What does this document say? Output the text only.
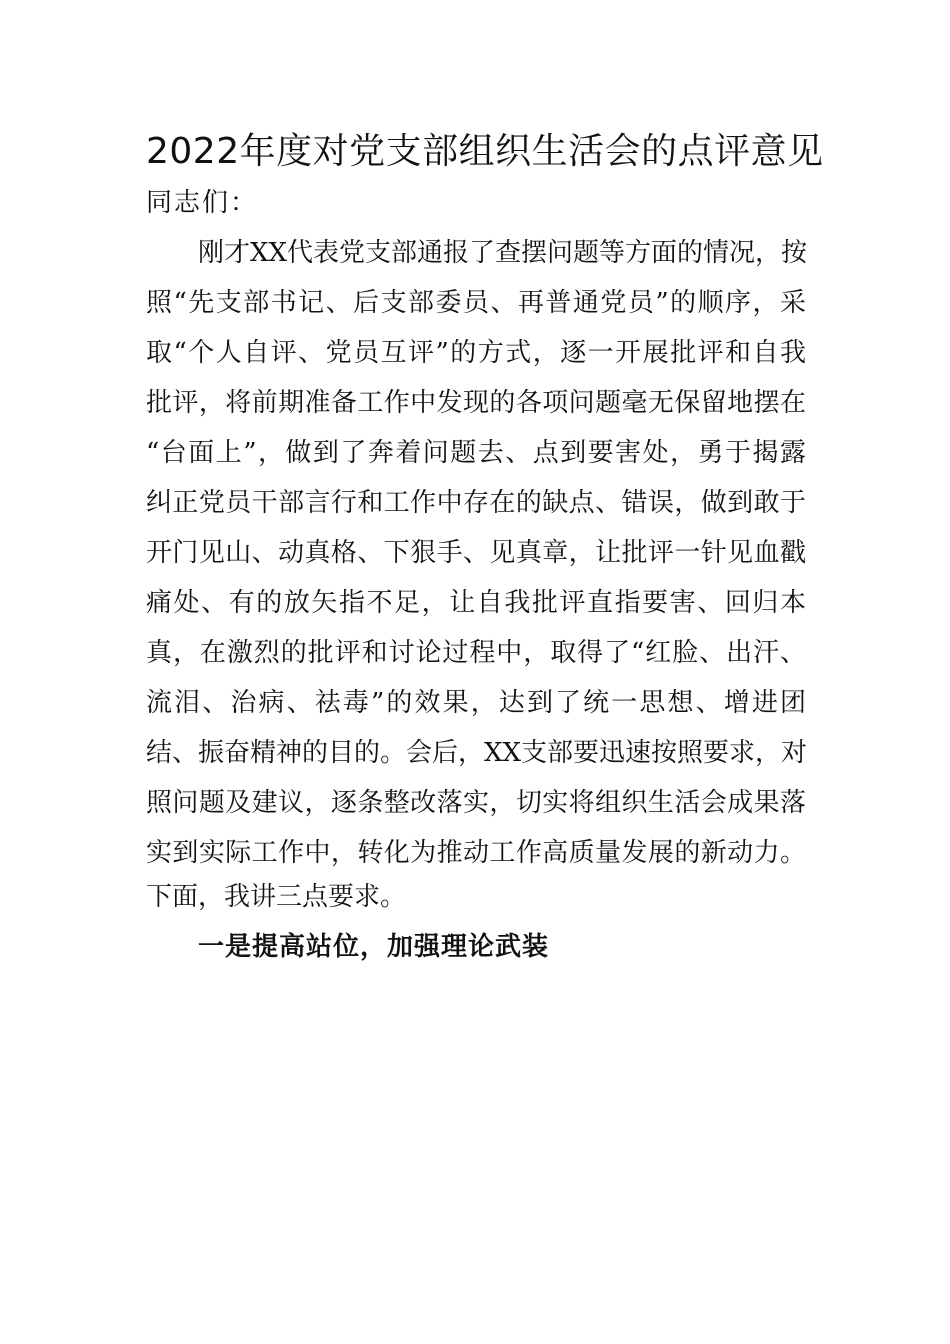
2022年度对党支部组织生活会的点评意见
同志们：
刚才XX代表党支部通报了查摆问题等方面的情况，按
照“先支部书记、后支部委员、再普通党员”的顺序，采
取“个人自评、党员互评”的方式，逐一开展批评和自我
批评，将前期准备工作中发现的各项问题毫无保留地摆在
“台面上”，做到了奔着问题去、点到要害处，勇于揭露
纠正党员干部言行和工作中存在的缺点、错误，做到敢于
开门见山、动真格、下狠手、见真章，让批评一针见血戳
痛处、有的放矢指不足，让自我批评直指要害、回归本
真，在激烈的批评和讨论过程中，取得了“红脸、出汗、
流泪、治病、祛毒”的效果，达到了统一思想、增进团
结、振奋精神的目的。会后，XX支部要迅速按照要求，对
照问题及建议，逐条整改落实，切实将组织生活会成果落
实到实际工作中，转化为推动工作高质量发展的新动力。
下面，我讲三点要求。
一是提高站位，加强理论武装
